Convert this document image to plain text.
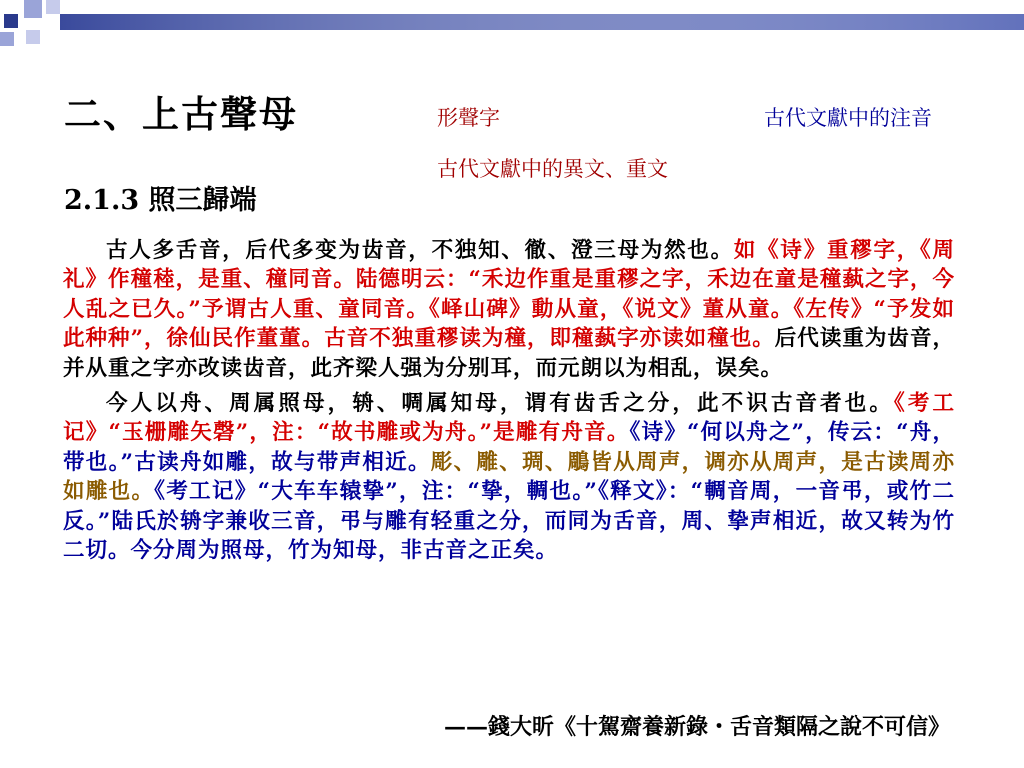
二、上古聲母	形聲字	古代文獻中的注音
古代文獻中的異文、重文
2.1.3 照三歸端

古人多舌音，后代多变为齿音，不独知、徹、澄三母为然也。如《诗》重穋字，《周礼》作穜稑，是重、穜同音。陆德明云：“禾边作重是重穋之字，禾边在童是穜蓺之字，今人乱之已久。”予谓古人重、童同音。《峄山碑》動从童，《说文》董从童。《左传》“予发如此种种”，徐仙民作董董。古音不独重穋读为穜，即穜蓺字亦读如穜也。后代读重为齿音，并从重之字亦改读齿音，此齐梁人强为分别耳，而元朗以为相乱，误矣。

今人以舟、周属照母，辀、啁属知母，谓有齿舌之分，此不识古音者也。《考工记》“玉栅雕矢磬”，注：“故书雕或为舟。”是雕有舟音。《诗》“何以舟之”，传云：“舟，带也。”古读舟如雕，故与带声相近。彫、雕、琱、鵰皆从周声，调亦从周声，是古读周亦如雕也。《考工记》“大车车辕挚”，注：“挚，輖也。”《释文》：“輖音周，一音弔，或竹二反。”陆氏於辀字兼收三音，弔与雕有轻重之分，而同为舌音，周、挚声相近，故又转为竹二切。今分周为照母，竹为知母，非古音之正矣。

——錢大昕《十駕齋養新錄・舌音類隔之說不可信》
